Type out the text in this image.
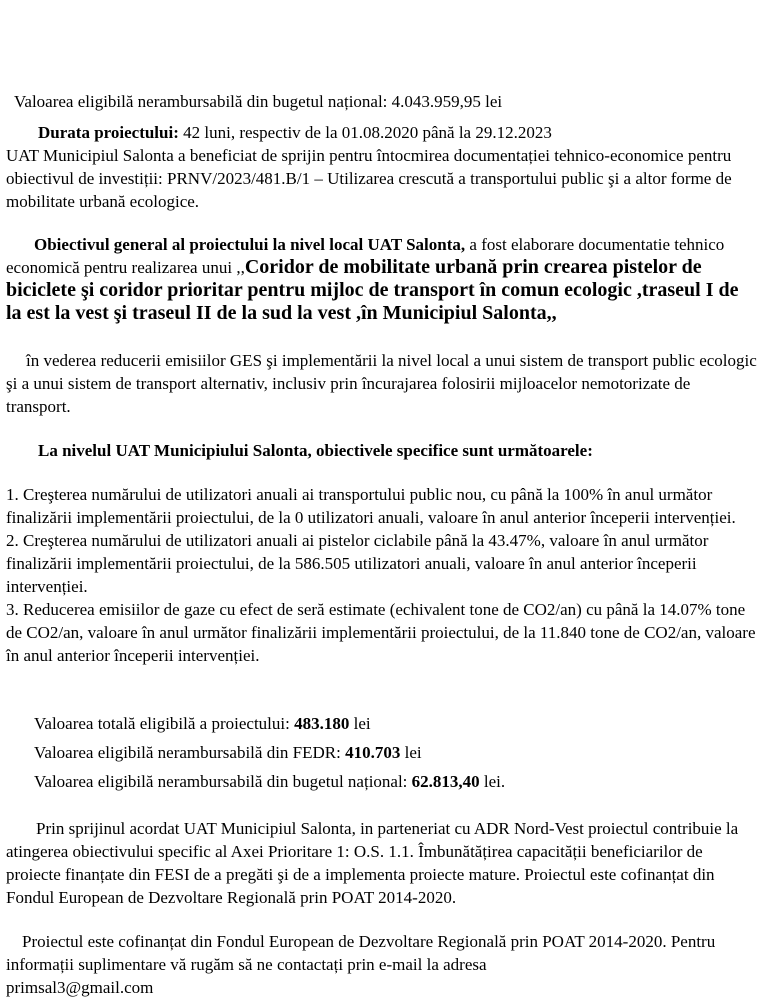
Valoarea eligibilă nerambursabilă din bugetul național: 4.043.959,95 lei

Durata proiectului: 42 luni, respectiv de la 01.08.2020 până la 29.12.2023

UAT Municipiul Salonta a beneficiat de sprijin pentru întocmirea documentației tehnico-economice pentru obiectivul de investiții: PRNV/2023/481.B/1 – Utilizarea crescută a transportului public şi a altor forme de mobilitate urbană ecologice.

Obiectivul general al proiectului la nivel local UAT Salonta, a fost elaborare documentatie tehnico economică pentru realizarea unui ,,Coridor de mobilitate urbană prin crearea pistelor de biciclete şi coridor prioritar pentru mijloc de transport în comun ecologic ,traseul I de la est la vest şi traseul II de la sud la vest ,în Municipiul Salonta,,

în vederea reducerii emisiilor GES şi implementării la nivel local a unui sistem de transport public ecologic şi a unui sistem de transport alternativ, inclusiv prin încurajarea folosirii mijloacelor nemotorizate de transport.

La nivelul UAT Municipiului Salonta, obiectivele specifice sunt următoarele:

1. Creşterea numărului de utilizatori anuali ai transportului public nou, cu până la 100% în anul următor finalizării implementării proiectului, de la 0 utilizatori anuali, valoare în anul anterior începerii intervenției.
2. Creşterea numărului de utilizatori anuali ai pistelor ciclabile până la 43.47%, valoare în anul următor finalizării implementării proiectului, de la 586.505 utilizatori anuali, valoare în anul anterior începerii intervenției.
3. Reducerea emisiilor de gaze cu efect de seră estimate (echivalent tone de CO2/an) cu până la 14.07% tone de CO2/an, valoare în anul următor finalizării implementării proiectului, de la 11.840 tone de CO2/an, valoare în anul anterior începerii intervenției.

Valoarea totală eligibilă a proiectului: 483.180 lei

Valoarea eligibilă nerambursabilă din FEDR: 410.703 lei

Valoarea eligibilă nerambursabilă din bugetul național: 62.813,40 lei.

Prin sprijinul acordat UAT Municipiul Salonta, in parteneriat cu ADR Nord-Vest proiectul contribuie la atingerea obiectivului specific al Axei Prioritare 1: O.S. 1.1. Îmbunătățirea capacității beneficiarilor de proiecte finanțate din FESI de a pregăti şi de a implementa proiecte mature. Proiectul este cofinanțat din Fondul European de Dezvoltare Regională prin POAT 2014-2020.

Proiectul este cofinanțat din Fondul European de Dezvoltare Regională prin POAT 2014-2020. Pentru informații suplimentare vă rugăm să ne contactați prin e-mail la adresa

primsal3@gmail.com
